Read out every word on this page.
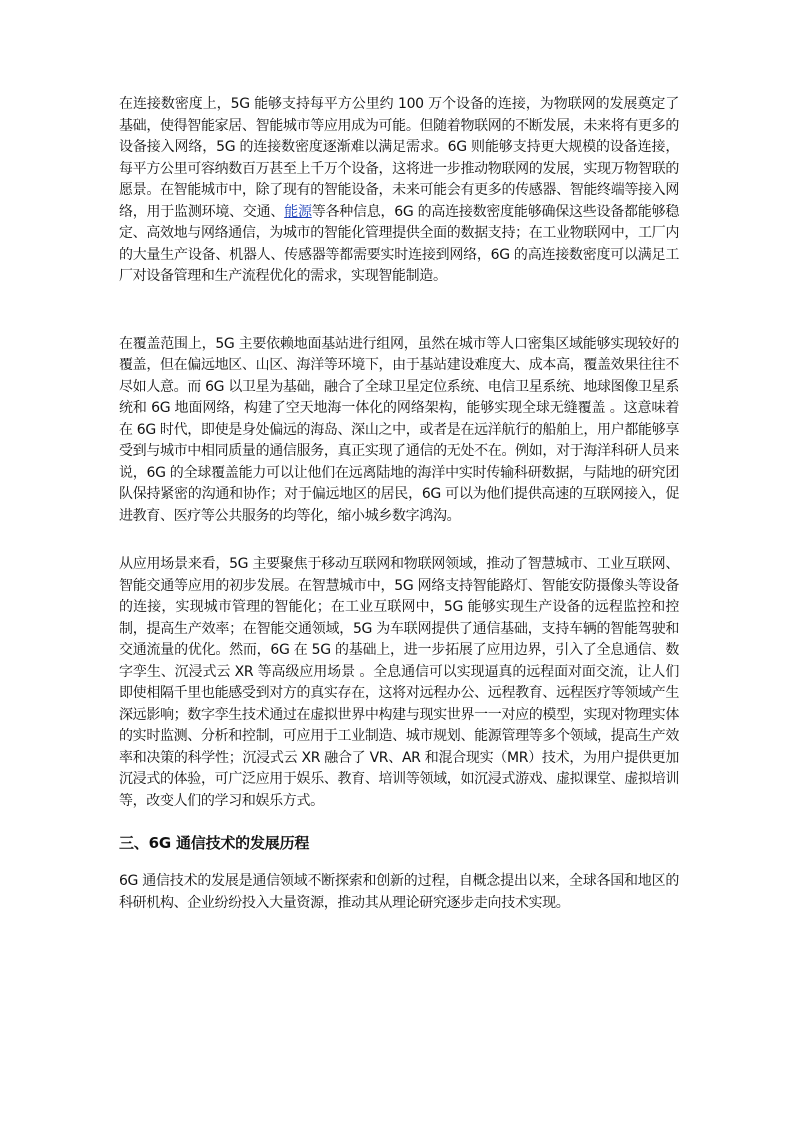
在连接数密度上，5G 能够支持每平方公里约 100 万个设备的连接，为物联网的发展奠定了基础，使得智能家居、智能城市等应用成为可能。但随着物联网的不断发展，未来将有更多的设备接入网络，5G 的连接数密度逐渐难以满足需求。6G 则能够支持更大规模的设备连接，每平方公里可容纳数百万甚至上千万个设备，这将进一步推动物联网的发展，实现万物智联的愿景。在智能城市中，除了现有的智能设备，未来可能会有更多的传感器、智能终端等接入网络，用于监测环境、交通、能源等各种信息，6G 的高连接数密度能够确保这些设备都能够稳定、高效地与网络通信，为城市的智能化管理提供全面的数据支持；在工业物联网中，工厂内的大量生产设备、机器人、传感器等都需要实时连接到网络，6G 的高连接数密度可以满足工厂对设备管理和生产流程优化的需求，实现智能制造。

在覆盖范围上，5G 主要依赖地面基站进行组网，虽然在城市等人口密集区域能够实现较好的覆盖，但在偏远地区、山区、海洋等环境下，由于基站建设难度大、成本高，覆盖效果往往不尽如人意。而 6G 以卫星为基础，融合了全球卫星定位系统、电信卫星系统、地球图像卫星系统和 6G 地面网络，构建了空天地海一体化的网络架构，能够实现全球无缝覆盖 。这意味着在 6G 时代，即使是身处偏远的海岛、深山之中，或者是在远洋航行的船舶上，用户都能够享受到与城市中相同质量的通信服务，真正实现了通信的无处不在。例如，对于海洋科研人员来说，6G 的全球覆盖能力可以让他们在远离陆地的海洋中实时传输科研数据，与陆地的研究团队保持紧密的沟通和协作；对于偏远地区的居民，6G 可以为他们提供高速的互联网接入，促进教育、医疗等公共服务的均等化，缩小城乡数字鸿沟。

从应用场景来看，5G 主要聚焦于移动互联网和物联网领域，推动了智慧城市、工业互联网、智能交通等应用的初步发展。在智慧城市中，5G 网络支持智能路灯、智能安防摄像头等设备的连接，实现城市管理的智能化；在工业互联网中，5G 能够实现生产设备的远程监控和控制，提高生产效率；在智能交通领域，5G 为车联网提供了通信基础，支持车辆的智能驾驶和交通流量的优化。然而，6G 在 5G 的基础上，进一步拓展了应用边界，引入了全息通信、数字孪生、沉浸式云 XR 等高级应用场景 。全息通信可以实现逼真的远程面对面交流，让人们即使相隔千里也能感受到对方的真实存在，这将对远程办公、远程教育、远程医疗等领域产生深远影响；数字孪生技术通过在虚拟世界中构建与现实世界一一对应的模型，实现对物理实体的实时监测、分析和控制，可应用于工业制造、城市规划、能源管理等多个领域，提高生产效率和决策的科学性；沉浸式云 XR 融合了 VR、AR 和混合现实（MR）技术，为用户提供更加沉浸式的体验，可广泛应用于娱乐、教育、培训等领域，如沉浸式游戏、虚拟课堂、虚拟培训等，改变人们的学习和娱乐方式。

三、6G 通信技术的发展历程

6G 通信技术的发展是通信领域不断探索和创新的过程，自概念提出以来，全球各国和地区的科研机构、企业纷纷投入大量资源，推动其从理论研究逐步走向技术实现。
